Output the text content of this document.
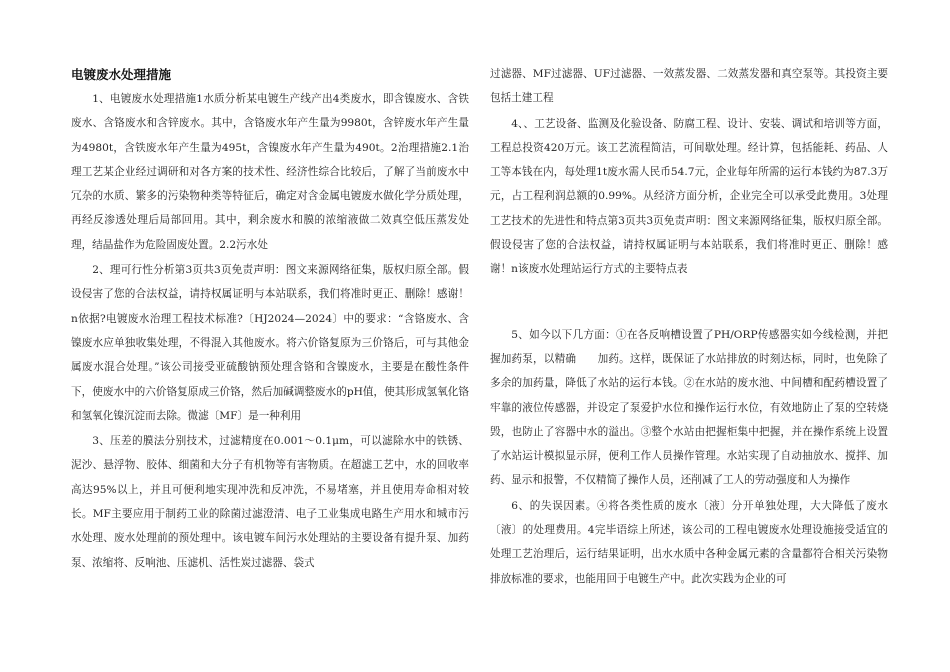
电镀废水处理措施

1、电镀废水处理措施1水质分析某电镀生产线产出4类废水，即含镍废水、含铁废水、含铬废水和含锌废水。其中，含铬废水年产生量为9980t，含锌废水年产生量为4980t，含铁废水年产生量为495t，含镍废水年产生量为490t。2治理措施2.1治理工艺某企业经过调研和对各方案的技术性、经济性综合比较后，了解了当前废水中冗杂的水质、繁多的污染物种类等特征后，确定对含金属电镀废水做化学分质处理，再经反渗透处理后局部回用。其中，剩余废水和膜的浓缩液做二效真空低压蒸发处理，结晶盐作为危险固废处置。2.2污水处

2、理可行性分析第3页共3页免责声明：图文来源网络征集，版权归原全部。假设侵害了您的合法权益，请持权属证明与本站联系，我们将准时更正、删除！感谢！n依据?电镀废水治理工程技术标准?〔HJ2024—2024〕中的要求：“含铬废水、含镍废水应单独收集处理，不得混入其他废水。将六价铬复原为三价铬后，可与其他金属废水混合处理。”该公司接受亚硫酸钠预处理含铬和含镍废水，主要是在酸性条件下，使废水中的六价铬复原成三价铬，然后加碱调整废水的pH值，使其形成氢氧化铬和氢氧化镍沉淀而去除。微滤〔MF〕是一种利用

3、压差的膜法分别技术，过滤精度在0.001～0.1μm，可以滤除水中的铁锈、泥沙、悬浮物、胶体、细菌和大分子有机物等有害物质。在超滤工艺中，水的回收率高达95%以上，并且可便利地实现冲洗和反冲洗，不易堵塞，并且使用寿命相对较长。MF主要应用于制药工业的除菌过滤澄清、电子工业集成电路生产用水和城市污水处理、废水处理前的预处理中。该电镀车间污水处理站的主要设备有提升泵、加药泵、浓缩将、反响池、压滤机、活性炭过滤器、袋式

过滤器、MF过滤器、UF过滤器、一效蒸发器、二效蒸发器和真空泵等。其投资主要包括土建工程

4、、工艺设备、监测及化验设备、防腐工程、设计、安装、调试和培训等方面，工程总投资420万元。该工艺流程简洁，可间歇处理。经计算，包括能耗、药品、人工等本钱在内，每处理1t废水需人民币54.7元，企业每年所需的运行本钱约为87.3万元，占工程利润总额的0.99%。从经济方面分析，企业完全可以承受此费用。3处理工艺技术的先进性和特点第3页共3页免责声明：图文来源网络征集，版权归原全部。假设侵害了您的合法权益，请持权属证明与本站联系，我们将准时更正、删除！感谢！n该废水处理站运行方式的主要特点表

5、如今以下几方面：①在各反响槽设置了PH/ORP传感器实如今线检测，并把握加药泵，以精确　　加药。这样，既保证了水站排放的时刻达标，同时，也免除了多余的加药量，降低了水站的运行本钱。②在水站的废水池、中间槽和配药槽设置了牢靠的液位传感器，并设定了泵爱护水位和操作运行水位，有效地防止了泵的空转烧毁，也防止了容器中水的溢出。③整个水站由把握柜集中把握，并在操作系统上设置了水站运计模拟显示屏，便利工作人员操作管理。水站实现了自动抽放水、搅拌、加药、显示和报警，不仅精简了操作人员，还削减了工人的劳动强度和人为操作

6、的失误因素。④将各类性质的废水〔液〕分开单独处理，大大降低了废水〔液〕的处理费用。4完毕语综上所述，该公司的工程电镀废水处理设施接受适宜的处理工艺治理后，运行结果证明，出水水质中各种金属元素的含量都符合相关污染物排放标准的要求，也能用回于电镀生产中。此次实践为企业的可
